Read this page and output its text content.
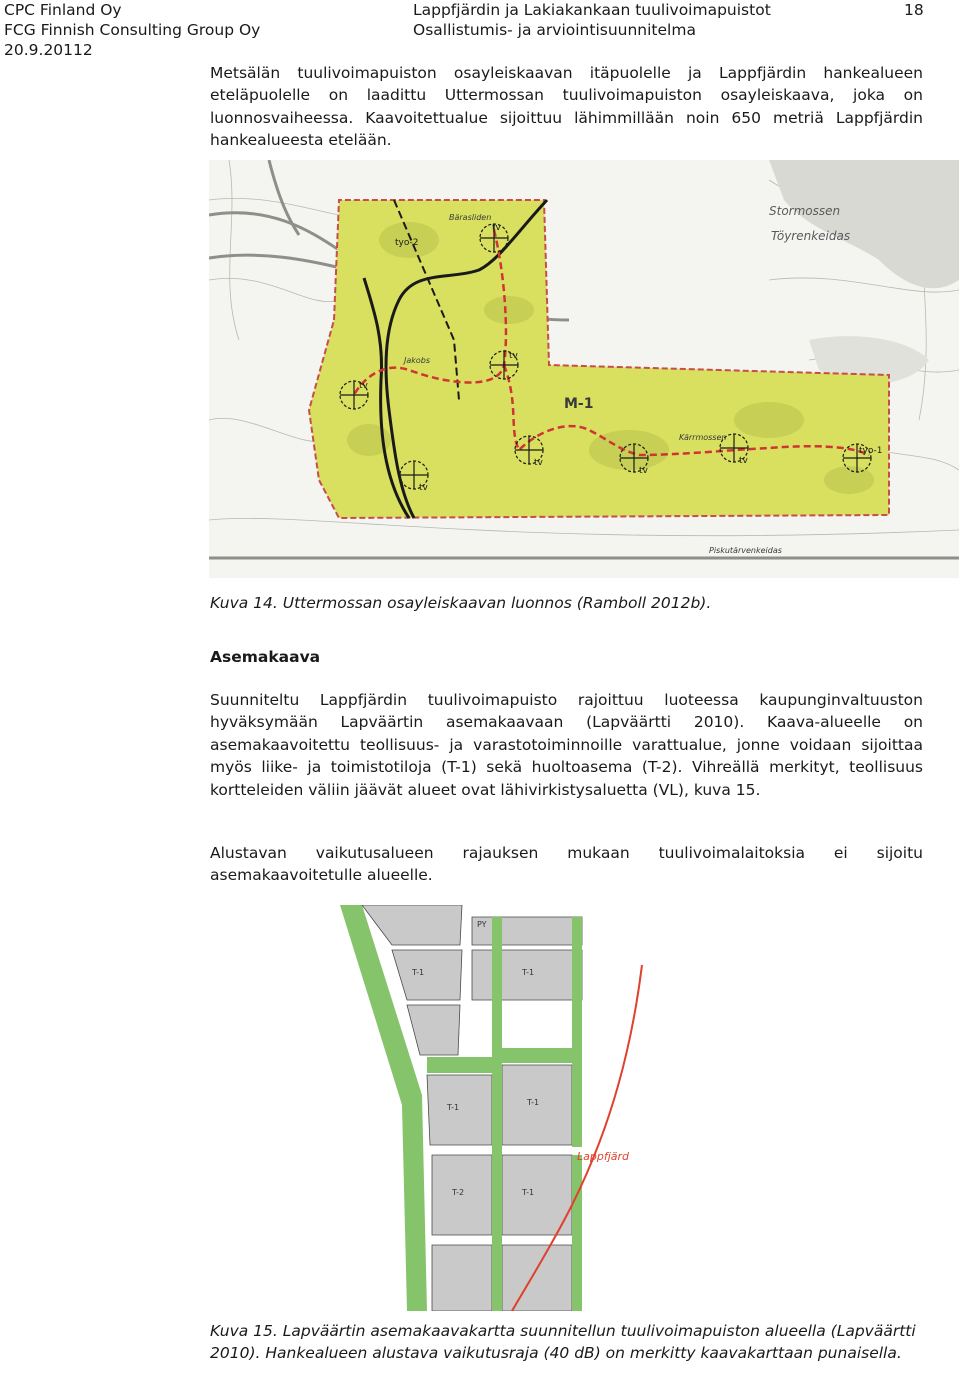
CPC Finland Oy
FCG Finnish Consulting Group Oy
20.9.20112
Lappfjärdin ja Lakiakankaan tuulivoimapuistot
Osallistumis- ja arviointisuunnitelma
18
Metsälän tuulivoimapuiston osayleiskaavan itäpuolelle ja Lappfjärdin hankealueen eteläpuolelle on laadittu Uttermossan tuulivoimapuiston osayleiskaava, joka on luonnosvaiheessa. Kaavoitettualue sijoittuu lähimmillään noin 650 metriä Lappfjärdin hankealueesta etelään.
tv
tv
tv
tv
tv
tv
tv
tyo-2
tyo-1
M-1
Stormossen
Töyrenkeidas
Bärasliden
Kärrmossen
Piskutärvenkeidas
Jakobs
Kuva 14. Uttermossan osayleiskaavan luonnos (Ramboll 2012b).
Asemakaava
Suunniteltu Lappfjärdin tuulivoimapuisto rajoittuu luoteessa kaupunginvaltuuston hyväksymään Lapväärtin asemakaavaan (Lapväärtti 2010). Kaava-alueelle on asemakaavoitettu teollisuus- ja varastotoiminnoille varattualue, jonne voidaan sijoittaa myös liike- ja toimistotiloja (T-1) sekä huoltoasema (T-2). Vihreällä merkityt, teollisuus kortteleiden väliin jäävät alueet ovat lähivirkistysaluetta (VL), kuva 15.
Alustavan vaikutusalueen rajauksen mukaan tuulivoimalaitoksia ei sijoitu asemakaavoitetulle alueelle.
T-1	T-1
T-1
T-1
T-2	T-1
PY
Lappfjärd
Kuva 15. Lapväärtin asemakaavakartta suunnitellun tuulivoimapuiston alueella (Lapväärtti 2010). Hankealueen alustava vaikutusraja (40 dB) on merkitty kaavakarttaan punaisella.
